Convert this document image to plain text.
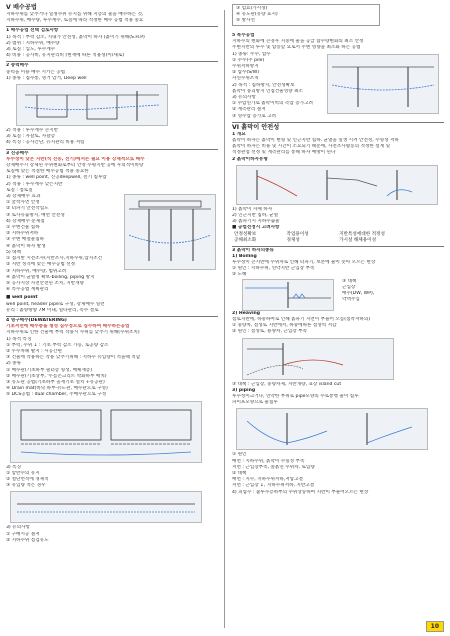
③ 염료(가시성)
④ 유도관(유량 표시)
⑤ 방사선
V 배수공법
지하수위를 낮추거나 일정수위 유지를 위해 지층의 물을 배수하는 것,
지하수위, 배수량, 투수계수, 토질에 따라 적정한 배수 공법 적용 중요
1 배수공법 선택 검토사항
1) 목적 : 부력 감소, 지내가 안전성, 흙막이 하자 (흙이기 위해(S.H.P)
2) 범위 : 지하수위, 배수량
3) 토질 : 입도, 투수계수
4) 비용 : 공사비, 유지관리비 (현재에 따른 적용성(이/새로)
2 중력배수
중력을 이용 배수 시키는 공법
1) 종류 : 집수통, 명거 암거, Deep well
2) 적용 : 투수계수 큰지반
3) 토질 : 자갈토, 자갈층
4) 특징 : 공사간단, 유지관리 비용 저렴
3 진공배수
투수성이 낮은 지반(석 진동, 전기)에서는 필요 이용 강제적으로 배수
강제배수시 강제된 수위변화로부터 안정 수평지반 공에 우의적이바탕
토질에 맞는 적절한 배수공법 적용 중요한
1) 종류 : well point, 진공deepwell, 전기 침투압
2) 적용 : 투수계수 낮은지반
토질 : 점토질
3) 강제배수 효과
① 굴착사면 안정
② 터파기 안전작업도
③ 토사유출방지, 배면 안전성
4) 강제배수 문제점
① 주변건물 침하
② 지하수위저하
③ 주변 매설물침하
④ 흙막이 하자 발생
5) 대책
① 접지반 시전조사(지반조사,지하수위,압지조건
② 지반 성격에 맞는 배수공법 선정
③ 지하수위, 배수량, 범위고려
④ 흙막이 균열정 확보-boiling, piping 방지
⑤ 공사지상 사전안전된 조치, 지반개량
⑥ 특수공법 계획관리
■ well point
well point, header pipe로 구성, 강제배수 일련
유리 : 흙양방향 7M 이내, 일타관리, 복수 결로
4 영구배수(DEWATERING)
기초저면에 배수층을 형성 집수정으로 집수하여 배수하는공법
지하수위로 인한 건물에 부력 작용시 수위를 낮추기 위해(수위조치)
1) 목적 특징
① 부력, 수위 ↓ : 기초 부력 감소 가능, 토공량 감소
② 누수차폐 발지 : 시공간편
③ 건물에 작용하는 작용 낮추기위해 : 지하수 유입량이 적을때 적합
2) 종류
① 배수관(기초하부 필터층 형성, 배체재층)
② 배수관(기초상부, '누름콘크리트 박화하부 배치)
③ 유도관 공법(기초하부 골재기초 설치 +유공관)
④ Drain mat(바닥 하부-유도관, 배수관으로 구성)
⑤ DCS공법 : dual chamber, 주배수관으로 구성
3) 특징
① 암반수의 유지
② 설단면적에 경제적
③ 유입량 적은 경우
3) 유의사항
① 구배시공 철저
② 지하수위 점검유도
5 복수공법
지하수의 변화에 큰경우 지중에 물을 공급 함수량변화의 최소 안정
주변지반의 투수 및 압송할 요로서 주변 영향을 최소화 하는 공법
1) 종류: 주수, 압수
① 주수(주 pile)
수위저하방지
② 압수(S/W)
자연수위조치
2) 목적 : 침하방지, 안전성확보
흙막이 붕괴방지 인접건물영향 최소
3) 유의사항
① 수압연가로 흙막이벽의 측압 증가고려
② 계측관리 철저
③ 영수압 증가로 고려
VI 흙막이 안전성
1 개요
흙막이 하자는 흙막이 변형 및 인근지반 침하, 균열을 일생 시켜 안전성, 수형성 저하
흙막이 하자는 비용 및 시간이 소요되기 때문에, 사전조사활동의 적정한 설계 및
적정관점 선정 및 계측관리를 통해 하자 예방이 된다
2 흙막이하자유형
1) 흙막이 자체 하자
2) 인근지반 침하, 균열
3) 흙파기시 지하수출물
■ 공법선정시 고려사항
안정성확보	작업용이성	지반특성에대한 적정성
공해최소화	경제성	가시설 해체용이성
3 흙막이 하자의종류
1) Boiling
투수성이 큰지반에 수위차로 인해 터파기, 보본에 물이 솟아 오르는 현상
① 원인 : 지하수위, 연약지반 근입장 부족
② 도해
③ 대책
근입장
배수(DW, WP),
약액주입
2) Heaving
점토지반에, 하중하여로 인해 흙파기 지면이 부풀어 오름(점착저하의)
① 중량차, 점성토 지반에서, 하중에따른 점성력 저감
② 원인 : 점성토, 용양차, 근입장 부족
③ 대책 : 근입장, 중량차제, 지반개량, 표장 island cut
3) piping
투수성이크거나, 연약한 부위로 pipe모양의 수로통행 물이 침투
파이프모양으로 물침투
① 원인
배면 : 지하수위, 흙막이 수밀성 부족
저면 : 근입장부족, 솔흙연 수위차, 토입량
② 대책
배면 : 지수, 지하수위저하,저압고결
저면 : 근입장 ↓, 지하수위저하, 지반고결
4) 피압수 : 불투수층하부의 수위상승하여 지반이 부풀어오르는 현상
10
